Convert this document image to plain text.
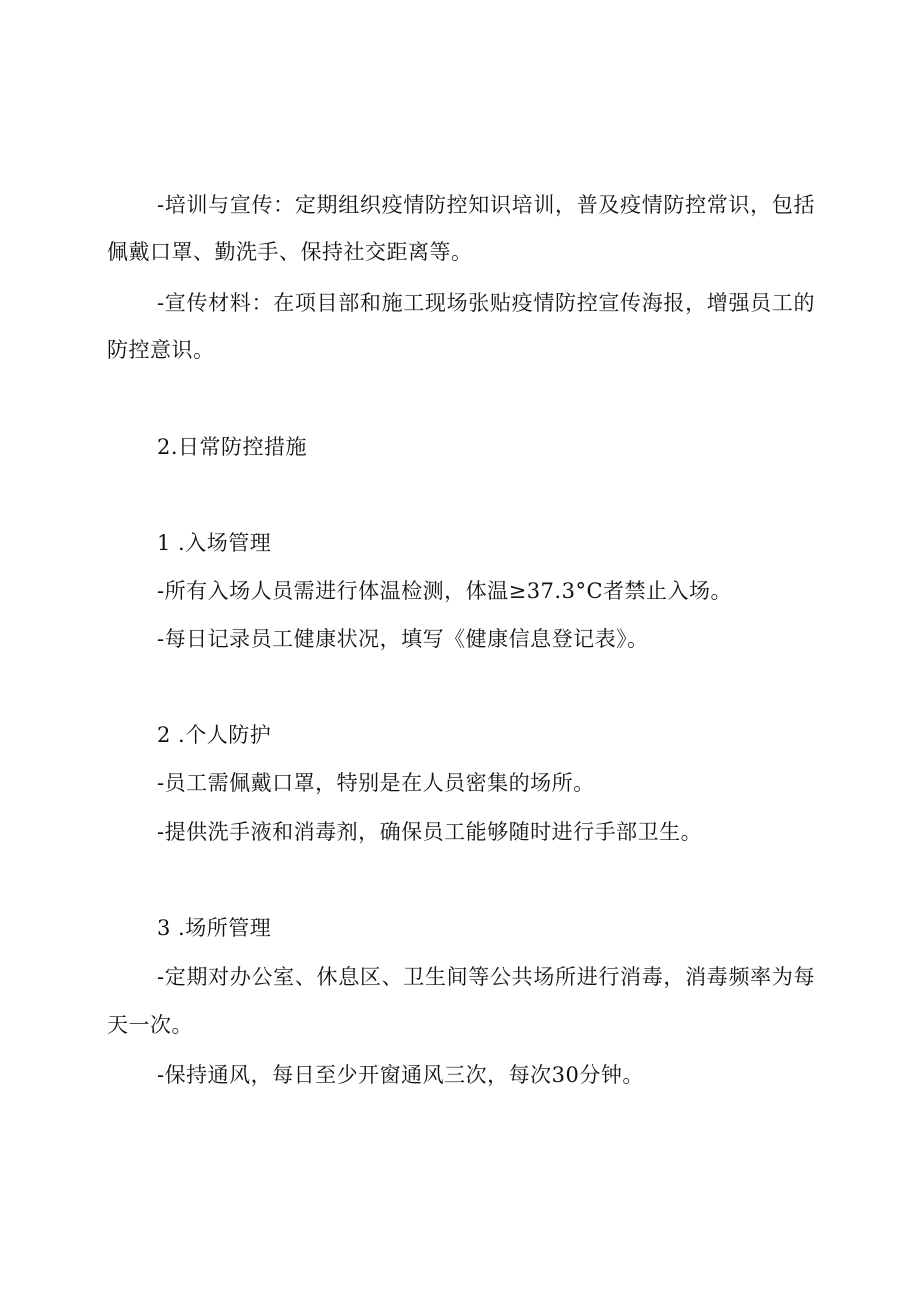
-培训与宣传：定期组织疫情防控知识培训，普及疫情防控常识，包括
佩戴口罩、勤洗手、保持社交距离等。
-宣传材料：在项目部和施工现场张贴疫情防控宣传海报，增强员工的
防控意识。
2.日常防控措施
1 .入场管理
-所有入场人员需进行体温检测，体温≥37.3°C者禁止入场。
-每日记录员工健康状况，填写《健康信息登记表》。
2 .个人防护
-员工需佩戴口罩，特别是在人员密集的场所。
-提供洗手液和消毒剂，确保员工能够随时进行手部卫生。
3 .场所管理
-定期对办公室、休息区、卫生间等公共场所进行消毒，消毒频率为每
天一次。
-保持通风，每日至少开窗通风三次，每次30分钟。
